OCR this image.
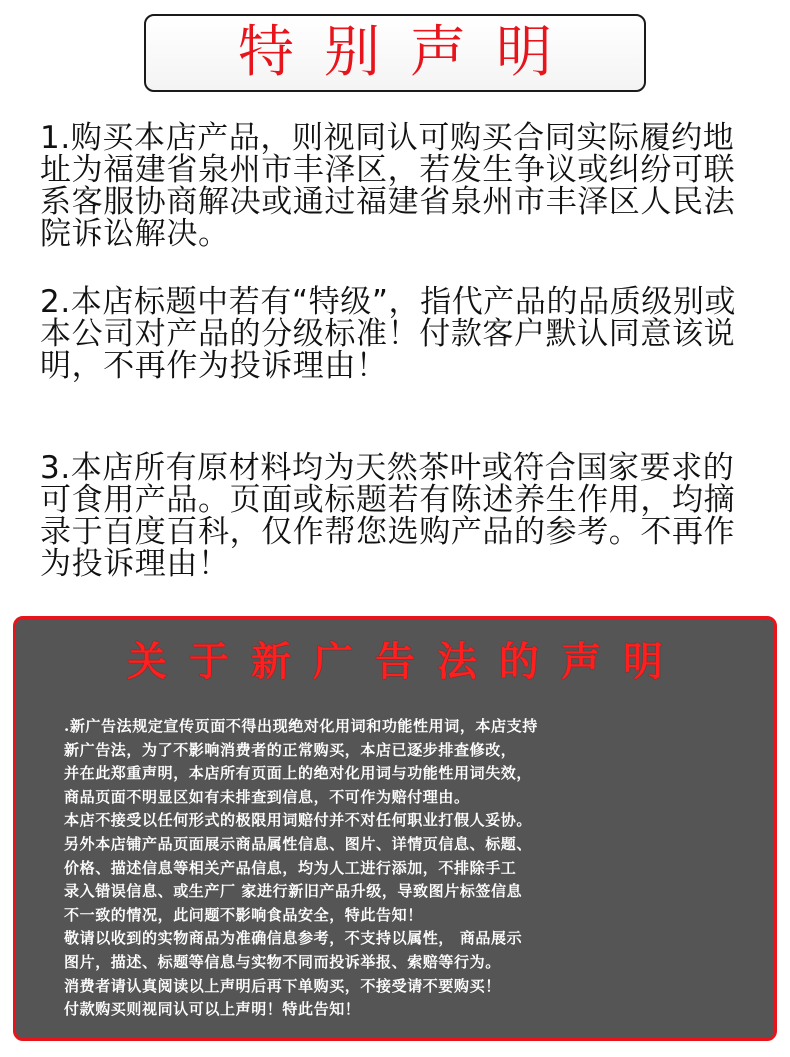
特别声明

1.购买本店产品，则视同认可购买合同实际履约地址为福建省泉州市丰泽区，若发生争议或纠纷可联系客服协商解决或通过福建省泉州市丰泽区人民法院诉讼解决。

2.本店标题中若有“特级”，指代产品的品质级别或本公司对产品的分级标准！付款客户默认同意该说明，不再作为投诉理由！

3.本店所有原材料均为天然茶叶或符合国家要求的可食用产品。页面或标题若有陈述养生作用，均摘录于百度百科，仅作帮您选购产品的参考。不再作为投诉理由！

关于新广告法的声明
.新广告法规定宣传页面不得出现绝对化用词和功能性用词，本店支持
新广告法，为了不影响消费者的正常购买，本店已逐步排查修改，
并在此郑重声明，本店所有页面上的绝对化用词与功能性用词失效，
商品页面不明显区如有未排查到信息，不可作为赔付理由。
本店不接受以任何形式的极限用词赔付并不对任何职业打假人妥协。
另外本店铺产品页面展示商品属性信息、图片、详情页信息、标题、
价格、描述信息等相关产品信息，均为人工进行添加，不排除手工
录入错误信息、或生产厂 家进行新旧产品升级，导致图片标签信息
不一致的情况，此问题不影响食品安全，特此告知！
敬请以收到的实物商品为准确信息参考，不支持以属性， 商品展示
图片，描述、标题等信息与实物不同而投诉举报、索赔等行为。
消费者请认真阅读以上声明后再下单购买，不接受请不要购买！
付款购买则视同认可以上声明！特此告知！
